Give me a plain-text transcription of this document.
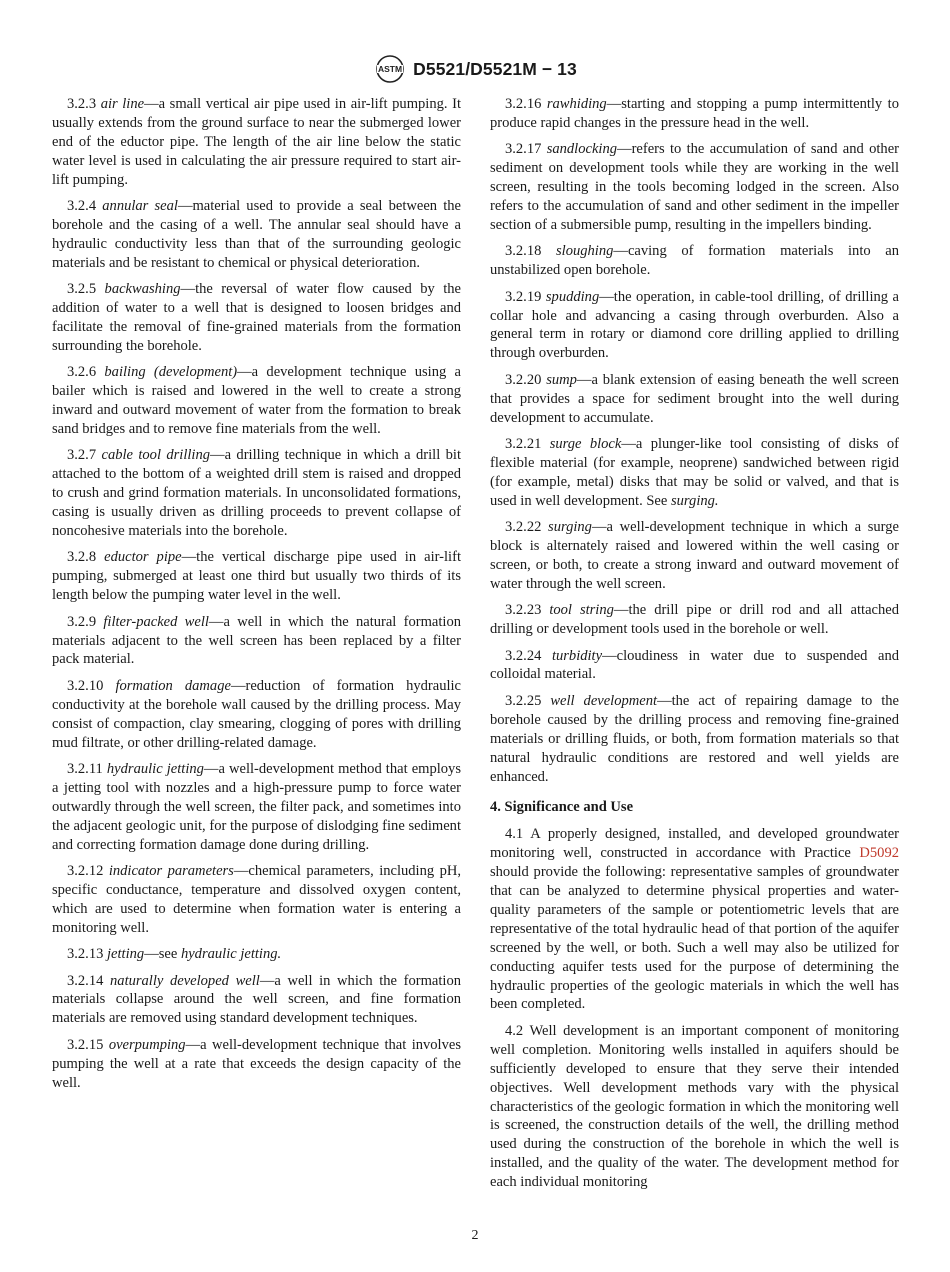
ASTM D5521/D5521M − 13

3.2.3 air line—a small vertical air pipe used in air-lift pumping. It usually extends from the ground surface to near the submerged lower end of the eductor pipe. The length of the air line below the static water level is used in calculating the air pressure required to start air-lift pumping.

3.2.4 annular seal—material used to provide a seal between the borehole and the casing of a well. The annular seal should have a hydraulic conductivity less than that of the surrounding geologic materials and be resistant to chemical or physical deterioration.

3.2.5 backwashing—the reversal of water flow caused by the addition of water to a well that is designed to loosen bridges and facilitate the removal of fine-grained materials from the formation surrounding the borehole.

3.2.6 bailing (development)—a development technique using a bailer which is raised and lowered in the well to create a strong inward and outward movement of water from the formation to break sand bridges and to remove fine materials from the well.

3.2.7 cable tool drilling—a drilling technique in which a drill bit attached to the bottom of a weighted drill stem is raised and dropped to crush and grind formation materials. In unconsolidated formations, casing is usually driven as drilling proceeds to prevent collapse of noncohesive materials into the borehole.

3.2.8 eductor pipe—the vertical discharge pipe used in air-lift pumping, submerged at least one third but usually two thirds of its length below the pumping water level in the well.

3.2.9 filter-packed well—a well in which the natural formation materials adjacent to the well screen has been replaced by a filter pack material.

3.2.10 formation damage—reduction of formation hydraulic conductivity at the borehole wall caused by the drilling process. May consist of compaction, clay smearing, clogging of pores with drilling mud filtrate, or other drilling-related damage.

3.2.11 hydraulic jetting—a well-development method that employs a jetting tool with nozzles and a high-pressure pump to force water outwardly through the well screen, the filter pack, and sometimes into the adjacent geologic unit, for the purpose of dislodging fine sediment and correcting formation damage done during drilling.

3.2.12 indicator parameters—chemical parameters, including pH, specific conductance, temperature and dissolved oxygen content, which are used to determine when formation water is entering a monitoring well.

3.2.13 jetting—see hydraulic jetting.

3.2.14 naturally developed well—a well in which the formation materials collapse around the well screen, and fine formation materials are removed using standard development techniques.

3.2.15 overpumping—a well-development technique that involves pumping the well at a rate that exceeds the design capacity of the well.

3.2.16 rawhiding—starting and stopping a pump intermittently to produce rapid changes in the pressure head in the well.

3.2.17 sandlocking—refers to the accumulation of sand and other sediment on development tools while they are working in the well screen, resulting in the tools becoming lodged in the screen. Also refers to the accumulation of sand and other sediment in the impeller section of a submersible pump, resulting in the impellers binding.

3.2.18 sloughing—caving of formation materials into an unstabilized open borehole.

3.2.19 spudding—the operation, in cable-tool drilling, of drilling a collar hole and advancing a casing through overburden. Also a general term in rotary or diamond core drilling applied to drilling through overburden.

3.2.20 sump—a blank extension of easing beneath the well screen that provides a space for sediment brought into the well during development to accumulate.

3.2.21 surge block—a plunger-like tool consisting of disks of flexible material (for example, neoprene) sandwiched between rigid (for example, metal) disks that may be solid or valved, and that is used in well development. See surging.

3.2.22 surging—a well-development technique in which a surge block is alternately raised and lowered within the well casing or screen, or both, to create a strong inward and outward movement of water through the well screen.

3.2.23 tool string—the drill pipe or drill rod and all attached drilling or development tools used in the borehole or well.

3.2.24 turbidity—cloudiness in water due to suspended and colloidal material.

3.2.25 well development—the act of repairing damage to the borehole caused by the drilling process and removing fine-grained materials or drilling fluids, or both, from formation materials so that natural hydraulic conditions are restored and well yields are enhanced.

4. Significance and Use

4.1 A properly designed, installed, and developed groundwater monitoring well, constructed in accordance with Practice D5092 should provide the following: representative samples of groundwater that can be analyzed to determine physical properties and water-quality parameters of the sample or potentiometric levels that are representative of the total hydraulic head of that portion of the aquifer screened by the well, or both. Such a well may also be utilized for conducting aquifer tests used for the purpose of determining the hydraulic properties of the geologic materials in which the well has been completed.

4.2 Well development is an important component of monitoring well completion. Monitoring wells installed in aquifers should be sufficiently developed to ensure that they serve their intended objectives. Well development methods vary with the physical characteristics of the geologic formation in which the monitoring well is screened, the construction details of the well, the drilling method used during the construction of the borehole in which the well is installed, and the quality of the water. The development method for each individual monitoring

2
